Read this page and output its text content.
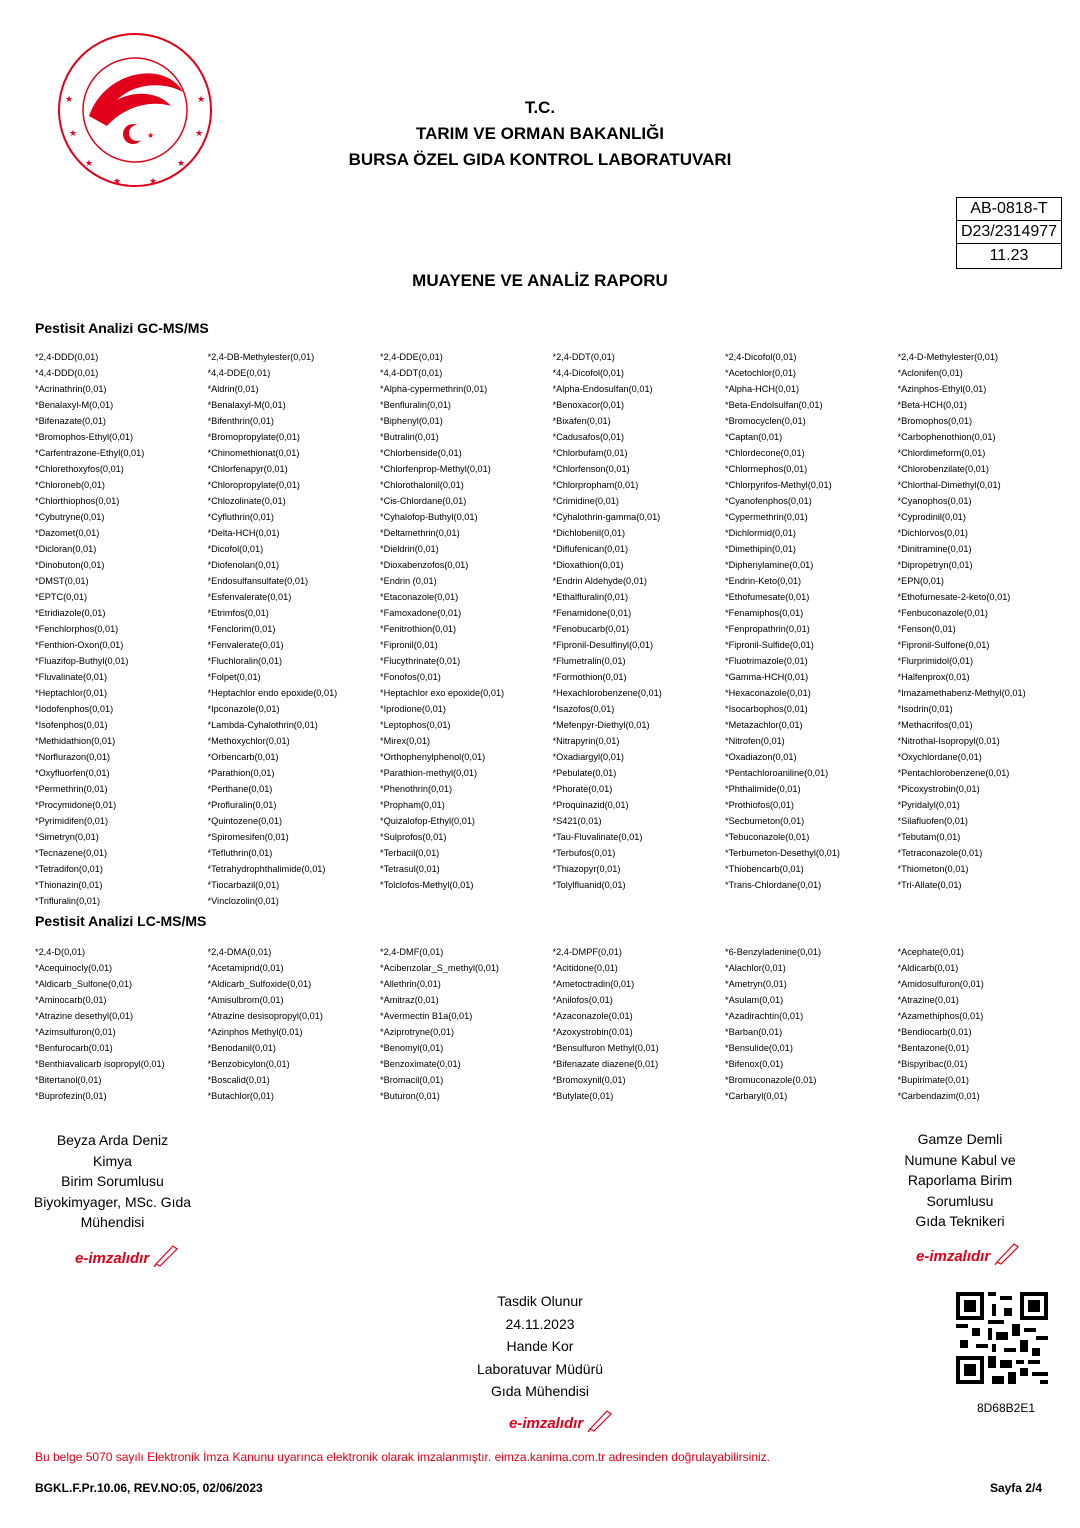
★
★
★
★
★	★
★
★
★	T.C.
TARIM VE ORMAN BAKANLIĞI
BURSA ÖZEL GIDA KONTROL LABORATUVARI
AB-0818-T
D23/2314977
11.23
MUAYENE VE ANALİZ RAPORU
Pestisit Analizi GC-MS/MS
*2,4-DDD(0,01)	*2,4-DB-Methylester(0,01)	*2,4-DDE(0,01)	*2,4-DDT(0,01)	*2,4-Dicofol(0,01)	*2,4-D-Methylester(0,01)
*4,4-DDD(0,01)	*4,4-DDE(0,01)	*4,4-DDT(0,01)	*4,4-Dicofol(0,01)	*Acetochlor(0,01)	*Aclonifen(0,01)
*Acrinathrin(0,01)	*Aldrin(0,01)	*Alpha-cypermethrin(0,01)	*Alpha-Endosulfan(0,01)	*Alpha-HCH(0,01)	*Azinphos-Ethyl(0,01)
*Benalaxyl-M(0,01)	*Benalaxyl-M(0,01)	*Benfluralin(0,01)	*Benoxacor(0,01)	*Beta-Endolsulfan(0,01)	*Beta-HCH(0,01)
*Bifenazate(0,01)	*Bifenthrin(0,01)	*Biphenyl(0,01)	*Bixafen(0,01)	*Bromocyclen(0,01)	*Bromophos(0,01)
*Bromophos-Ethyl(0,01)	*Bromopropylate(0,01)	*Butralin(0,01)	*Cadusafos(0,01)	*Captan(0,01)	*Carbophenothion(0,01)
*Carfentrazone-Ethyl(0,01)	*Chinomethionat(0,01)	*Chlorbenside(0,01)	*Chlorbufam(0,01)	*Chlordecone(0,01)	*Chlordimeform(0,01)
*Chlorethoxyfos(0,01)	*Chlorfenapyr(0,01)	*Chlorfenprop-Methyl(0,01)	*Chlorfenson(0,01)	*Chlormephos(0,01)	*Chlorobenzilate(0,01)
*Chloroneb(0,01)	*Chloropropylate(0,01)	*Chlorothalonil(0,01)	*Chlorpropham(0,01)	*Chlorpyrifos-Methyl(0,01)	*Chlorthal-Dimethyl(0,01)
*Chlorthiophos(0,01)	*Chlozolinate(0,01)	*Cis-Chlordane(0,01)	*Crimidine(0,01)	*Cyanofenphos(0,01)	*Cyanophos(0,01)
*Cybutryne(0,01)	*Cyfluthrin(0,01)	*Cyhalofop-Buthyl(0,01)	*Cyhalothrin-gamma(0,01)	*Cypermethrin(0,01)	*Cyprodinil(0,01)
*Dazomet(0,01)	*Delta-HCH(0,01)	*Deltamethrin(0,01)	*Dichlobenil(0,01)	*Dichlormid(0,01)	*Dichlorvos(0,01)
*Dicloran(0,01)	*Dicofol(0,01)	*Dieldrin(0,01)	*Diflufenican(0,01)	*Dimethipin(0,01)	*Dinitramine(0,01)
*Dinobuton(0,01)	*Diofenolan(0,01)	*Dioxabenzofos(0,01)	*Dioxathion(0,01)	*Diphenylamine(0,01)	*Dipropetryn(0,01)
*DMST(0,01)	*Endosulfansulfate(0,01)	*Endrin (0,01)	*Endrin Aldehyde(0,01)	*Endrin-Keto(0,01)	*EPN(0,01)
*EPTC(0,01)	*Esfenvalerate(0,01)	*Etaconazole(0,01)	*Ethalfluralin(0,01)	*Ethofumesate(0,01)	*Ethofumesate-2-keto(0,01)
*Etridiazole(0,01)	*Etrimfos(0,01)	*Famoxadone(0,01)	*Fenamidone(0,01)	*Fenamiphos(0,01)	*Fenbuconazole(0,01)
*Fenchlorphos(0,01)	*Fenclorim(0,01)	*Fenitrothion(0,01)	*Fenobucarb(0,01)	*Fenpropathrin(0,01)	*Fenson(0,01)
*Fenthion-Oxon(0,01)	*Fenvalerate(0,01)	*Fipronil(0,01)	*Fipronil-Desulfinyl(0,01)	*Fipronil-Sulfide(0,01)	*Fipronil-Sulfone(0,01)
*Fluazifop-Buthyl(0,01)	*Fluchloralin(0,01)	*Flucythrinate(0,01)	*Flumetralin(0,01)	*Fluotrimazole(0,01)	*Flurprimidol(0,01)
*Fluvalinate(0,01)	*Folpet(0,01)	*Fonofos(0,01)	*Formothion(0,01)	*Gamma-HCH(0,01)	*Halfenprox(0,01)
*Heptachlor(0,01)	*Heptachlor endo epoxide(0,01)	*Heptachlor exo epoxide(0,01)	*Hexachlorobenzene(0,01)	*Hexaconazole(0,01)	*Imazamethabenz-Methyl(0,01)
*Iodofenphos(0,01)	*Ipconazole(0,01)	*Iprodione(0,01)	*Isazofos(0,01)	*Isocarbophos(0,01)	*Isodrin(0,01)
*Isofenphos(0,01)	*Lambda-Cyhalothrin(0,01)	*Leptophos(0,01)	*Mefenpyr-Diethyl(0,01)	*Metazachlor(0,01)	*Methacrifos(0,01)
*Methidathion(0,01)	*Methoxychlor(0,01)	*Mirex(0,01)	*Nitrapyrin(0,01)	*Nitrofen(0,01)	*Nitrothal-Isopropyl(0,01)
*Norflurazon(0,01)	*Orbencarb(0,01)	*Orthophenylphenol(0,01)	*Oxadiargyl(0,01)	*Oxadiazon(0,01)	*Oxychlordane(0,01)
*Oxyfluorfen(0,01)	*Parathion(0,01)	*Parathion-methyl(0,01)	*Pebulate(0,01)	*Pentachloroaniline(0,01)	*Pentachlorobenzene(0,01)
*Permethrin(0,01)	*Perthane(0,01)	*Phenothrin(0,01)	*Phorate(0,01)	*Phthalimide(0,01)	*Picoxystrobin(0,01)
*Procymidone(0,01)	*Profluralin(0,01)	*Propham(0,01)	*Proquinazid(0,01)	*Prothiofos(0,01)	*Pyridalyl(0,01)
*Pyrimidifen(0,01)	*Quintozene(0,01)	*Quizalofop-Ethyl(0,01)	*S421(0,01)	*Secbumeton(0,01)	*Silafluofen(0,01)
*Simetryn(0,01)	*Spiromesifen(0,01)	*Sulprofos(0,01)	*Tau-Fluvalinate(0,01)	*Tebuconazole(0,01)	*Tebutam(0,01)
*Tecnazene(0,01)	*Tefluthrin(0,01)	*Terbacil(0,01)	*Terbufos(0,01)	*Terbumeton-Desethyl(0,01)	*Tetraconazole(0,01)
*Tetradifon(0,01)	*Tetrahydrophthalimide(0,01)	*Tetrasul(0,01)	*Thiazopyr(0,01)	*Thiobencarb(0,01)	*Thiometon(0,01)
*Thionazin(0,01)	*Tiocarbazil(0,01)	*Tolclofos-Methyl(0,01)	*Tolylfluanid(0,01)	*Trans-Chlordane(0,01)	*Tri-Allate(0,01)
*Trifluralin(0,01)	*Vinclozolin(0,01)
Pestisit Analizi LC-MS/MS
*2,4-D(0,01)	*2,4-DMA(0,01)	*2,4-DMF(0,01)	*2,4-DMPF(0,01)	*6-Benzyladenine(0,01)	*Acephate(0,01)
*Acequinocly(0,01)	*Acetamiprid(0,01)	*Acibenzolar_S_methyl(0,01)	*Acitidone(0,01)	*Alachlor(0,01)	*Aldicarb(0,01)
*Aldicarb_Sulfone(0,01)	*Aldicarb_Sulfoxide(0,01)	*Allethrin(0,01)	*Ametoctradin(0,01)	*Ametryn(0,01)	*Amidosulfuron(0,01)
*Aminocarb(0,01)	*Amisulbrom(0,01)	*Amitraz(0,01)	*Anilofos(0,01)	*Asulam(0,01)	*Atrazine(0,01)
*Atrazine desethyl(0,01)	*Atrazine desisopropyl(0,01)	*Avermectin B1a(0,01)	*Azaconazole(0,01)	*Azadirachtin(0,01)	*Azamethiphos(0,01)
*Azimsulfuron(0,01)	*Azinphos Methyl(0,01)	*Aziprotryne(0,01)	*Azoxystrobin(0,01)	*Barban(0,01)	*Bendiocarb(0,01)
*Benfurocarb(0,01)	*Benodanil(0,01)	*Benomyl(0,01)	*Bensulfuron Methyl(0,01)	*Bensulide(0,01)	*Bentazone(0,01)
*Benthiavalicarb isopropyl(0,01)	*Benzobicylon(0,01)	*Benzoximate(0,01)	*Bifenazate diazene(0,01)	*Bifenox(0,01)	*Bispyribac(0,01)
*Bitertanol(0,01)	*Boscalid(0,01)	*Bromacil(0,01)	*Bromoxynil(0,01)	*Bromuconazole(0,01)	*Bupirimate(0,01)
*Buprofezin(0,01)	*Butachlor(0,01)	*Buturon(0,01)	*Butylate(0,01)	*Carbaryl(0,01)	*Carbendazim(0,01)
Beyza Arda Deniz
Kimya
Birim Sorumlusu
Biyokimyager, MSc. Gıda
Mühendisi
e-imzalıdır
Gamze Demli
Numune Kabul ve
Raporlama Birim
Sorumlusu
Gıda Teknikeri
e-imzalıdır
Tasdik Olunur
24.11.2023
Hande Kor
Laboratuvar Müdürü
Gıda Mühendisi
e-imzalıdır
8D68B2E1
Bu belge 5070 sayılı Elektronik İmza Kanunu uyarınca elektronik olarak imzalanmıştır. eimza.kanima.com.tr adresinden doğrulayabilirsiniz.
BGKL.F.Pr.10.06, REV.NO:05, 02/06/2023	Sayfa 2/4
